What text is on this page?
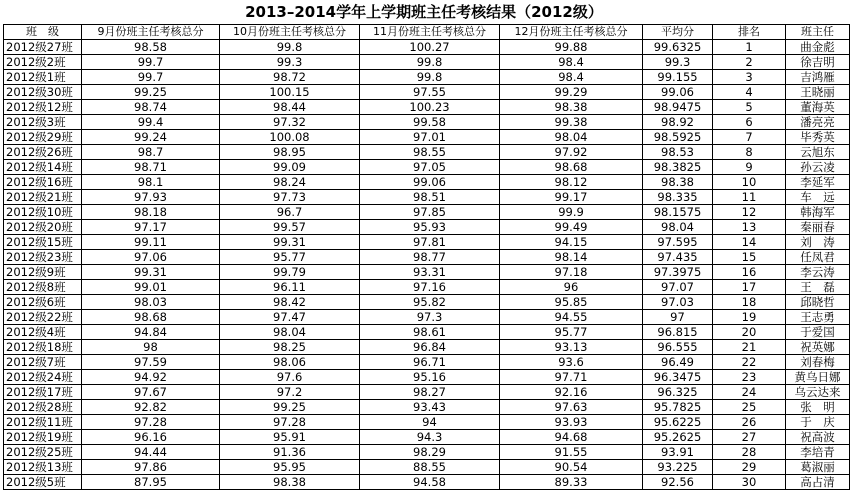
2013–2014学年上学期班主任考核结果（2012级）
班　级	9月份班主任考核总分	10月份班主任考核总分	11月份班主任考核总分	12月份班主任考核总分	平均分	排名	班主任
2012级27班	98.58	99.8	100.27	99.88	99.6325	1	曲金彪
2012级2班	99.7	99.3	99.8	98.4	99.3	2	徐吉明
2012级1班	99.7	98.72	99.8	98.4	99.155	3	吉鸿雁
2012级30班	99.25	100.15	97.55	99.29	99.06	4	王晓丽
2012级12班	98.74	98.44	100.23	98.38	98.9475	5	董海英
2012级3班	99.4	97.32	99.58	99.38	98.92	6	潘亮亮
2012级29班	99.24	100.08	97.01	98.04	98.5925	7	毕秀英
2012级26班	98.7	98.95	98.55	97.92	98.53	8	云旭东
2012级14班	98.71	99.09	97.05	98.68	98.3825	9	孙云凌
2012级16班	98.1	98.24	99.06	98.12	98.38	10	李延军
2012级21班	97.93	97.73	98.51	99.17	98.335	11	车　远
2012级10班	98.18	96.7	97.85	99.9	98.1575	12	韩海军
2012级20班	97.17	99.57	95.93	99.49	98.04	13	秦丽春
2012级15班	99.11	99.31	97.81	94.15	97.595	14	刘　涛
2012级23班	97.06	95.77	98.77	98.14	97.435	15	任凤君
2012级9班	99.31	99.79	93.31	97.18	97.3975	16	李云涛
2012级8班	99.01	96.11	97.16	96	97.07	17	王　磊
2012级6班	98.03	98.42	95.82	95.85	97.03	18	邱晓哲
2012级22班	98.68	97.47	97.3	94.55	97	19	王志勇
2012级4班	94.84	98.04	98.61	95.77	96.815	20	于爱国
2012级18班	98	98.25	96.84	93.13	96.555	21	祝英娜
2012级7班	97.59	98.06	96.71	93.6	96.49	22	刘春梅
2012级24班	94.92	97.6	95.16	97.71	96.3475	23	黄乌日娜
2012级17班	97.67	97.2	98.27	92.16	96.325	24	乌云达来
2012级28班	92.82	99.25	93.43	97.63	95.7825	25	张　明
2012级11班	97.28	97.28	94	93.93	95.6225	26	于　庆
2012级19班	96.16	95.91	94.3	94.68	95.2625	27	祝高波
2012级25班	94.44	91.36	98.29	91.55	93.91	28	李培青
2012级13班	97.86	95.95	88.55	90.54	93.225	29	葛淑丽
2012级5班	87.95	98.38	94.58	89.33	92.56	30	高占清
